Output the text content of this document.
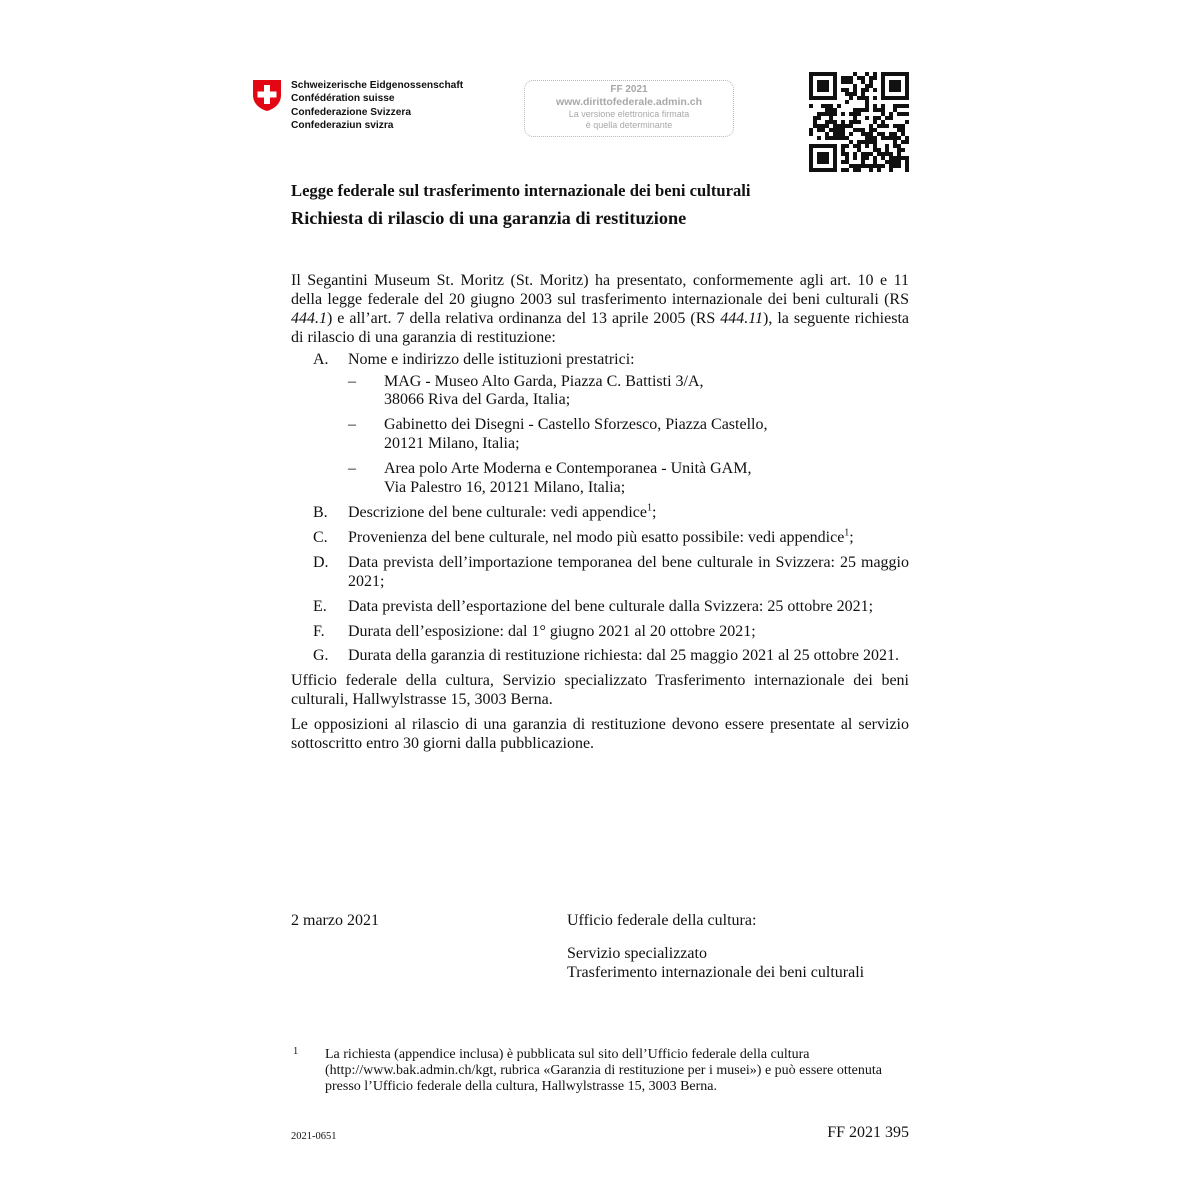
Schweizerische Eidgenossenschaft
Confédération suisse
Confederazione Svizzera
Confederaziun svizra
FF 2021
www.dirittofederale.admin.ch
La versione elettronica firmata
è quella determinante
Legge federale sul trasferimento internazionale dei beni culturali
Richiesta di rilascio di una garanzia di restituzione

Il Segantini Museum St. Moritz (St. Moritz) ha presentato, conformemente agli art. 10 e 11 della legge federale del 20 giugno 2003 sul trasferimento internazionale dei beni culturali (RS 444.1) e all’art. 7 della relativa ordinanza del 13 aprile 2005 (RS 444.11), la seguente richiesta di rilascio di una garanzia di restituzione:

A. Nome e indirizzo delle istituzioni prestatrici:
– MAG - Museo Alto Garda, Piazza C. Battisti 3/A,
38066 Riva del Garda, Italia;
– Gabinetto dei Disegni - Castello Sforzesco, Piazza Castello,
20121 Milano, Italia;
– Area polo Arte Moderna e Contemporanea - Unità GAM,
Via Palestro 16, 20121 Milano, Italia;
B. Descrizione del bene culturale: vedi appendice$^1$;
C. Provenienza del bene culturale, nel modo più esatto possibile: vedi appendice$^1$;
D. Data prevista dell’importazione temporanea del bene culturale in Svizzera: 25 maggio 2021;
E. Data prevista dell’esportazione del bene culturale dalla Svizzera: 25 ottobre 2021;
F. Durata dell’esposizione: dal 1° giugno 2021 al 20 ottobre 2021;
G. Durata della garanzia di restituzione richiesta: dal 25 maggio 2021 al 25 ottobre 2021.

Ufficio federale della cultura, Servizio specializzato Trasferimento internazionale dei beni culturali, Hallwylstrasse 15, 3003 Berna.

Le opposizioni al rilascio di una garanzia di restituzione devono essere presentate al servizio sottoscritto entro 30 giorni dalla pubblicazione.

2 marzo 2021	Ufficio federale della cultura:
Servizio specializzato
Trasferimento internazionale dei beni culturali
1 La richiesta (appendice inclusa) è pubblicata sul sito dell’Ufficio federale della cultura (http://www.bak.admin.ch/kgt, rubrica «Garanzia di restituzione per i musei») e può essere ottenuta presso l’Ufficio federale della cultura, Hallwylstrasse 15, 3003 Berna.
2021-0651	FF 2021 395
